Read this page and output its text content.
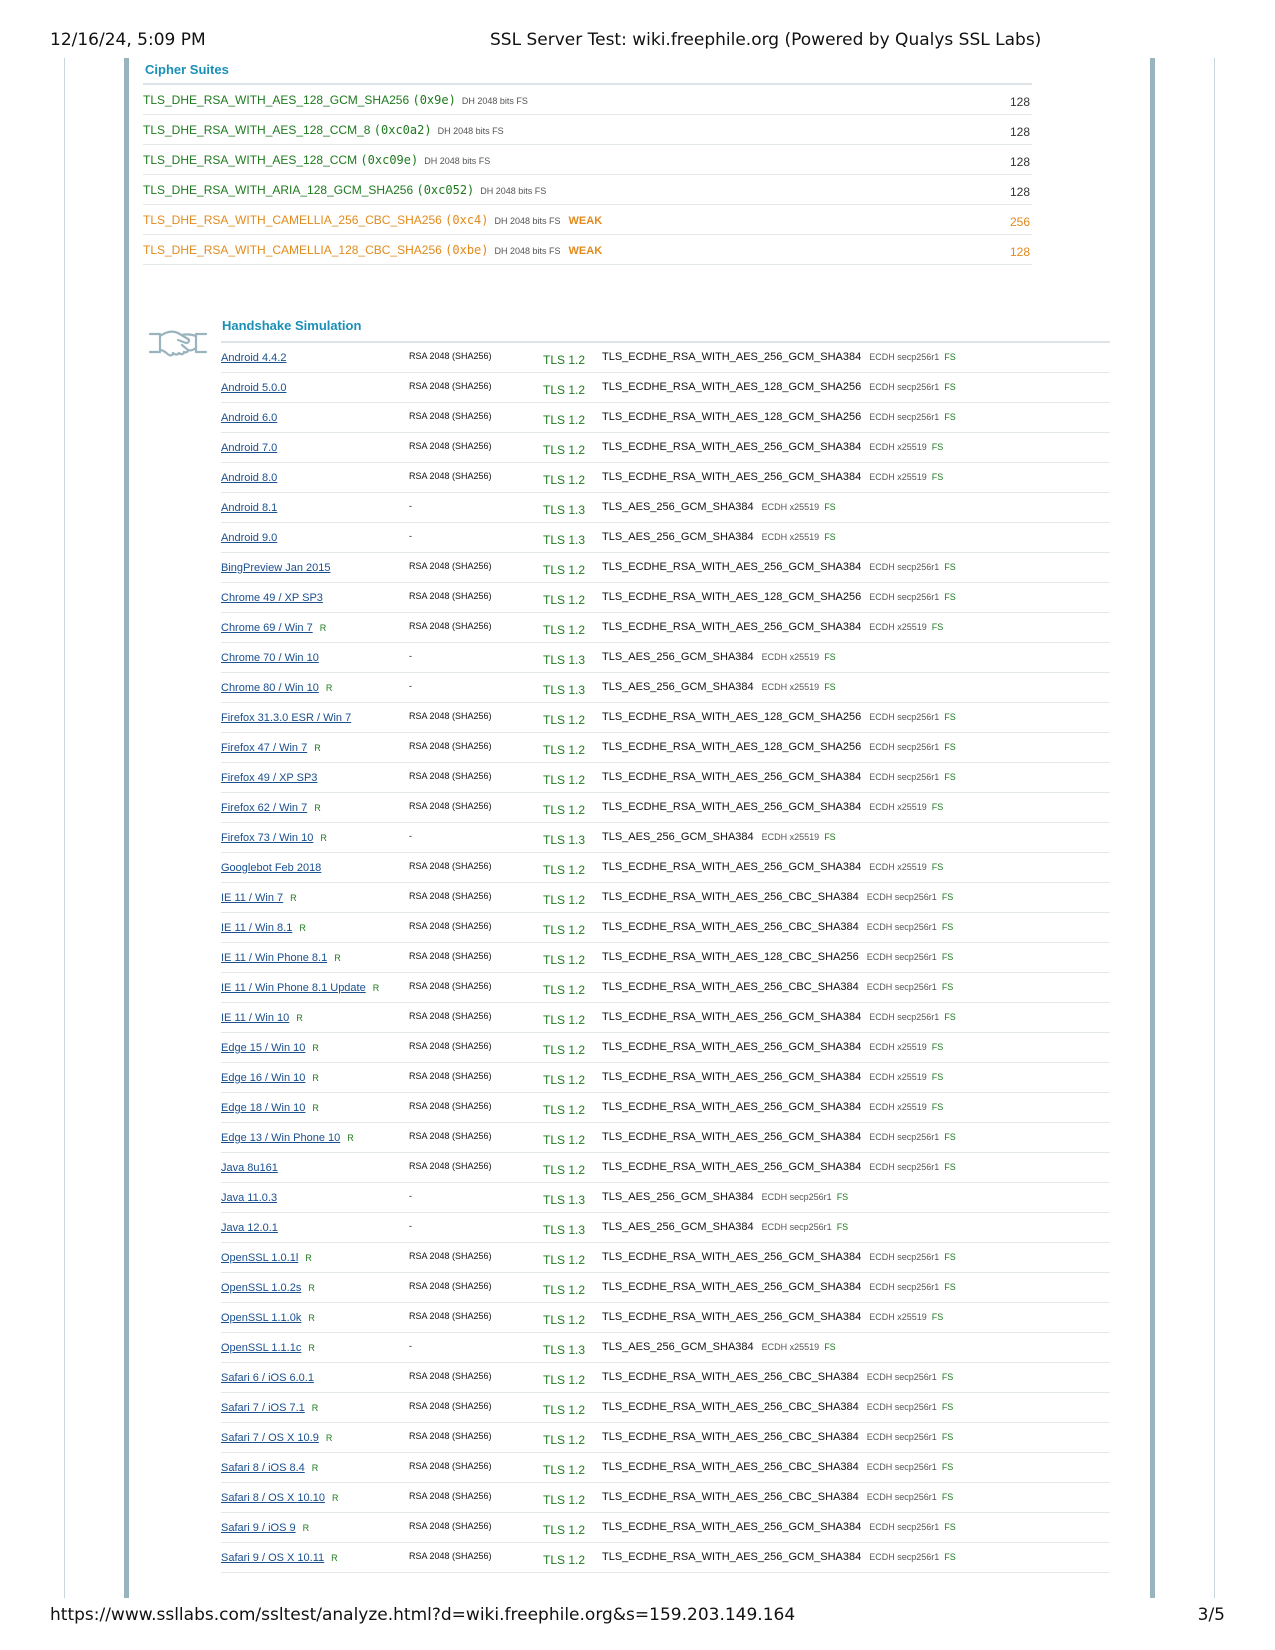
12/16/24, 5:09 PM	SSL Server Test: wiki.freephile.org (Powered by Qualys SSL Labs)
Cipher Suites
TLS_DHE_RSA_WITH_AES_128_GCM_SHA256 (0x9e) DH 2048 bits FS	128
TLS_DHE_RSA_WITH_AES_128_CCM_8 (0xc0a2) DH 2048 bits FS	128
TLS_DHE_RSA_WITH_AES_128_CCM (0xc09e) DH 2048 bits FS	128
TLS_DHE_RSA_WITH_ARIA_128_GCM_SHA256 (0xc052) DH 2048 bits FS	128
TLS_DHE_RSA_WITH_CAMELLIA_256_CBC_SHA256 (0xc4) DH 2048 bits FS WEAK	256
TLS_DHE_RSA_WITH_CAMELLIA_128_CBC_SHA256 (0xbe) DH 2048 bits FS WEAK	128
Handshake Simulation
Android 4.4.2	RSA 2048 (SHA256)	TLS 1.2 TLS_ECDHE_RSA_WITH_AES_256_GCM_SHA384 ECDH secp256r1 FS
Android 5.0.0	RSA 2048 (SHA256)	TLS 1.2 TLS_ECDHE_RSA_WITH_AES_128_GCM_SHA256 ECDH secp256r1 FS
Android 6.0	RSA 2048 (SHA256)	TLS 1.2 TLS_ECDHE_RSA_WITH_AES_128_GCM_SHA256 ECDH secp256r1 FS
Android 7.0	RSA 2048 (SHA256)	TLS 1.2 TLS_ECDHE_RSA_WITH_AES_256_GCM_SHA384 ECDH x25519 FS
Android 8.0	RSA 2048 (SHA256)	TLS 1.2 TLS_ECDHE_RSA_WITH_AES_256_GCM_SHA384 ECDH x25519 FS
Android 8.1	-	TLS 1.3 TLS_AES_256_GCM_SHA384 ECDH x25519 FS
Android 9.0	-	TLS 1.3 TLS_AES_256_GCM_SHA384 ECDH x25519 FS
BingPreview Jan 2015	RSA 2048 (SHA256)	TLS 1.2 TLS_ECDHE_RSA_WITH_AES_256_GCM_SHA384 ECDH secp256r1 FS
Chrome 49 / XP SP3	RSA 2048 (SHA256)	TLS 1.2 TLS_ECDHE_RSA_WITH_AES_128_GCM_SHA256 ECDH secp256r1 FS
Chrome 69 / Win 7 R	RSA 2048 (SHA256)	TLS 1.2 TLS_ECDHE_RSA_WITH_AES_256_GCM_SHA384 ECDH x25519 FS
Chrome 70 / Win 10	-	TLS 1.3 TLS_AES_256_GCM_SHA384 ECDH x25519 FS
Chrome 80 / Win 10 R	-	TLS 1.3 TLS_AES_256_GCM_SHA384 ECDH x25519 FS
Firefox 31.3.0 ESR / Win 7	RSA 2048 (SHA256)	TLS 1.2 TLS_ECDHE_RSA_WITH_AES_128_GCM_SHA256 ECDH secp256r1 FS
Firefox 47 / Win 7 R	RSA 2048 (SHA256)	TLS 1.2 TLS_ECDHE_RSA_WITH_AES_128_GCM_SHA256 ECDH secp256r1 FS
Firefox 49 / XP SP3	RSA 2048 (SHA256)	TLS 1.2 TLS_ECDHE_RSA_WITH_AES_256_GCM_SHA384 ECDH secp256r1 FS
Firefox 62 / Win 7 R	RSA 2048 (SHA256)	TLS 1.2 TLS_ECDHE_RSA_WITH_AES_256_GCM_SHA384 ECDH x25519 FS
Firefox 73 / Win 10 R	-	TLS 1.3 TLS_AES_256_GCM_SHA384 ECDH x25519 FS
Googlebot Feb 2018	RSA 2048 (SHA256)	TLS 1.2 TLS_ECDHE_RSA_WITH_AES_256_GCM_SHA384 ECDH x25519 FS
IE 11 / Win 7 R	RSA 2048 (SHA256)	TLS 1.2 TLS_ECDHE_RSA_WITH_AES_256_CBC_SHA384 ECDH secp256r1 FS
IE 11 / Win 8.1 R	RSA 2048 (SHA256)	TLS 1.2 TLS_ECDHE_RSA_WITH_AES_256_CBC_SHA384 ECDH secp256r1 FS
IE 11 / Win Phone 8.1 R	RSA 2048 (SHA256)	TLS 1.2 TLS_ECDHE_RSA_WITH_AES_128_CBC_SHA256 ECDH secp256r1 FS
IE 11 / Win Phone 8.1 Update R	RSA 2048 (SHA256)	TLS 1.2 TLS_ECDHE_RSA_WITH_AES_256_CBC_SHA384 ECDH secp256r1 FS
IE 11 / Win 10 R	RSA 2048 (SHA256)	TLS 1.2 TLS_ECDHE_RSA_WITH_AES_256_GCM_SHA384 ECDH secp256r1 FS
Edge 15 / Win 10 R	RSA 2048 (SHA256)	TLS 1.2 TLS_ECDHE_RSA_WITH_AES_256_GCM_SHA384 ECDH x25519 FS
Edge 16 / Win 10 R	RSA 2048 (SHA256)	TLS 1.2 TLS_ECDHE_RSA_WITH_AES_256_GCM_SHA384 ECDH x25519 FS
Edge 18 / Win 10 R	RSA 2048 (SHA256)	TLS 1.2 TLS_ECDHE_RSA_WITH_AES_256_GCM_SHA384 ECDH x25519 FS
Edge 13 / Win Phone 10 R	RSA 2048 (SHA256)	TLS 1.2 TLS_ECDHE_RSA_WITH_AES_256_GCM_SHA384 ECDH secp256r1 FS
Java 8u161	RSA 2048 (SHA256)	TLS 1.2 TLS_ECDHE_RSA_WITH_AES_256_GCM_SHA384 ECDH secp256r1 FS
Java 11.0.3	-	TLS 1.3 TLS_AES_256_GCM_SHA384 ECDH secp256r1 FS
Java 12.0.1	-	TLS 1.3 TLS_AES_256_GCM_SHA384 ECDH secp256r1 FS
OpenSSL 1.0.1l R	RSA 2048 (SHA256)	TLS 1.2 TLS_ECDHE_RSA_WITH_AES_256_GCM_SHA384 ECDH secp256r1 FS
OpenSSL 1.0.2s R	RSA 2048 (SHA256)	TLS 1.2 TLS_ECDHE_RSA_WITH_AES_256_GCM_SHA384 ECDH secp256r1 FS
OpenSSL 1.1.0k R	RSA 2048 (SHA256)	TLS 1.2 TLS_ECDHE_RSA_WITH_AES_256_GCM_SHA384 ECDH x25519 FS
OpenSSL 1.1.1c R	-	TLS 1.3 TLS_AES_256_GCM_SHA384 ECDH x25519 FS
Safari 6 / iOS 6.0.1	RSA 2048 (SHA256)	TLS 1.2 TLS_ECDHE_RSA_WITH_AES_256_CBC_SHA384 ECDH secp256r1 FS
Safari 7 / iOS 7.1 R	RSA 2048 (SHA256)	TLS 1.2 TLS_ECDHE_RSA_WITH_AES_256_CBC_SHA384 ECDH secp256r1 FS
Safari 7 / OS X 10.9 R	RSA 2048 (SHA256)	TLS 1.2 TLS_ECDHE_RSA_WITH_AES_256_CBC_SHA384 ECDH secp256r1 FS
Safari 8 / iOS 8.4 R	RSA 2048 (SHA256)	TLS 1.2 TLS_ECDHE_RSA_WITH_AES_256_CBC_SHA384 ECDH secp256r1 FS
Safari 8 / OS X 10.10 R	RSA 2048 (SHA256)	TLS 1.2 TLS_ECDHE_RSA_WITH_AES_256_CBC_SHA384 ECDH secp256r1 FS
Safari 9 / iOS 9 R	RSA 2048 (SHA256)	TLS 1.2 TLS_ECDHE_RSA_WITH_AES_256_GCM_SHA384 ECDH secp256r1 FS
Safari 9 / OS X 10.11 R	RSA 2048 (SHA256)	TLS 1.2 TLS_ECDHE_RSA_WITH_AES_256_GCM_SHA384 ECDH secp256r1 FS
https://www.ssllabs.com/ssltest/analyze.html?d=wiki.freephile.org&s=159.203.149.164	3/5
